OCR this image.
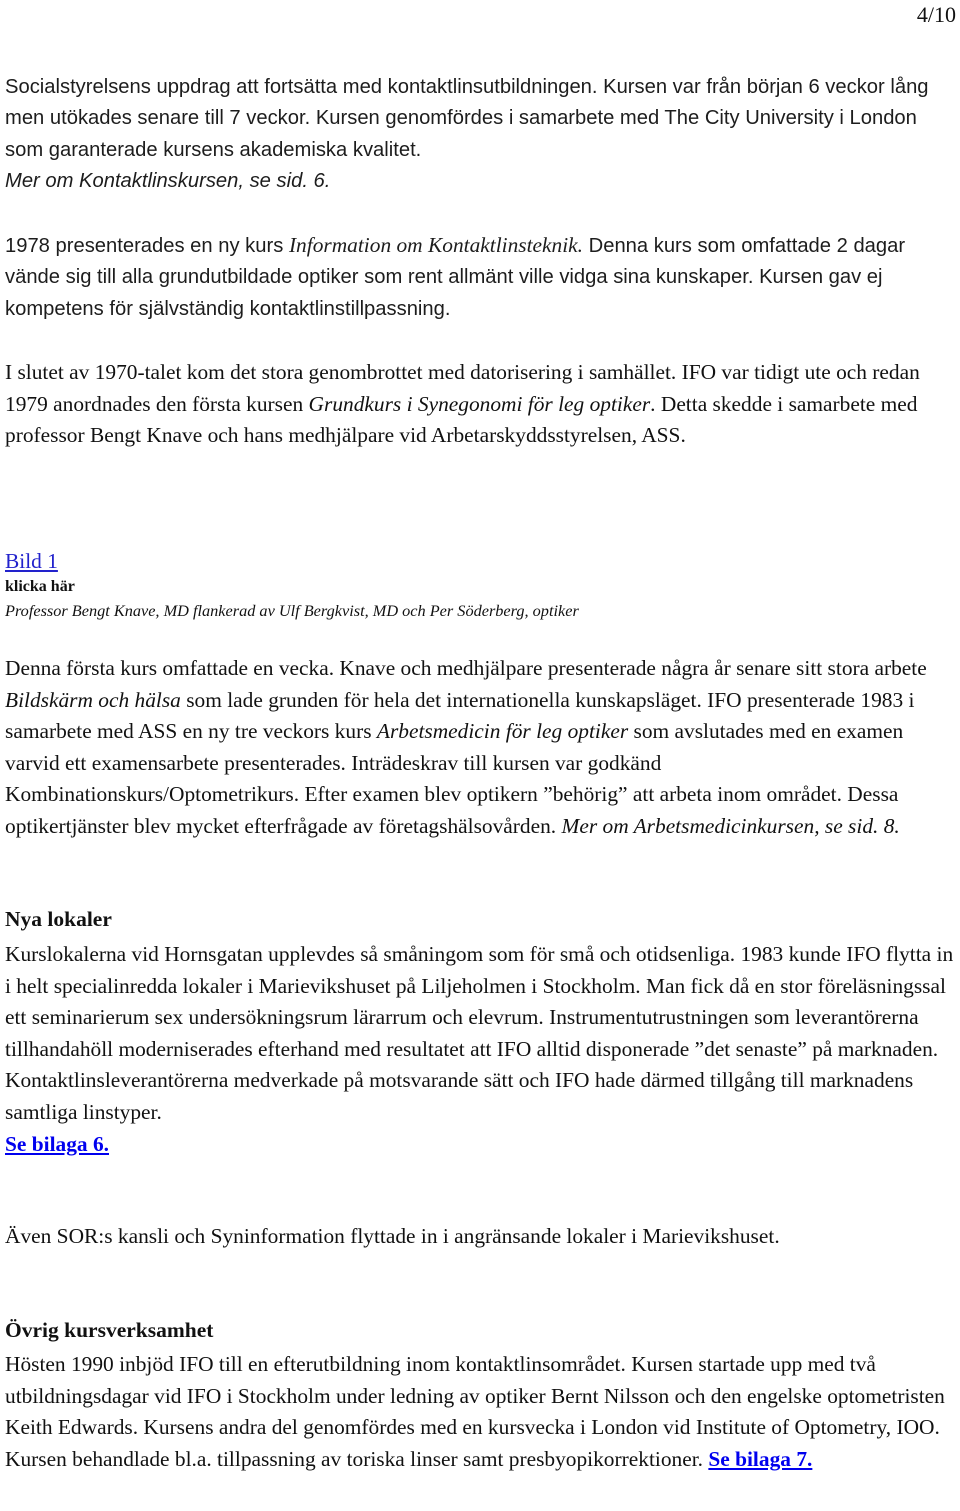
4/10

Socialstyrelsens uppdrag att fortsätta med kontaktlinsutbildningen. Kursen var från början 6 veckor lång men utökades senare till 7 veckor. Kursen genomfördes i samarbete med The City University i London som garanterade kursens akademiska kvalitet.
Mer om Kontaktlinskursen, se sid. 6.

1978 presenterades en ny kurs Information om Kontaktlinsteknik. Denna kurs som omfattade 2 dagar vände sig till alla grundutbildade optiker som rent allmänt ville vidga sina kunskaper. Kursen gav ej kompetens för självständig kontaktlinstillpassning.

I slutet av 1970-talet kom det stora genombrottet med datorisering i samhället. IFO var tidigt ute och redan 1979 anordnades den första kursen Grundkurs i Synegonomi för leg optiker. Detta skedde i samarbete med professor Bengt Knave och hans medhjälpare vid Arbetarskyddsstyrelsen, ASS.

Bild 1

klicka här

Professor Bengt Knave, MD flankerad av Ulf Bergkvist, MD och Per Söderberg, optiker

Denna första kurs omfattade en vecka. Knave och medhjälpare presenterade några år senare sitt stora arbete Bildskärm och hälsa som lade grunden för hela det internationella kunskapsläget. IFO presenterade 1983 i samarbete med ASS en ny tre veckors kurs Arbetsmedicin för leg optiker som avslutades med en examen varvid ett examensarbete presenterades. Inträdeskrav till kursen var godkänd Kombinationskurs/Optometrikurs. Efter examen blev optikern ”behörig” att arbeta inom området. Dessa optikertjänster blev mycket efterfrågade av företagshälsovården. Mer om Arbetsmedicinkursen, se sid. 8.

Nya lokaler

Kurslokalerna vid Hornsgatan upplevdes så småningom som för små och otidsenliga. 1983 kunde IFO flytta in i helt specialinredda lokaler i Marievikshuset på Liljeholmen i Stockholm. Man fick då en stor föreläsningssal ett seminarierum sex undersökningsrum lärarrum och elevrum. Instrumentutrustningen som leverantörerna tillhandahöll moderniserades efterhand med resultatet att IFO alltid disponerade ”det senaste” på marknaden. Kontaktlinsleverantörerna medverkade på motsvarande sätt och IFO hade därmed tillgång till marknadens samtliga linstyper.
Se bilaga 6.

Även SOR:s kansli och Syninformation flyttade in i angränsande lokaler i Marievikshuset.

Övrig kursverksamhet

Hösten 1990 inbjöd IFO till en efterutbildning inom kontaktlinsområdet. Kursen startade upp med två utbildningsdagar vid IFO i Stockholm under ledning av optiker Bernt Nilsson och den engelske optometristen Keith Edwards. Kursens andra del genomfördes med en kursvecka i London vid Institute of Optometry, IOO. Kursen behandlade bl.a. tillpassning av toriska linser samt presbyopikorrektioner. Se bilaga 7.
